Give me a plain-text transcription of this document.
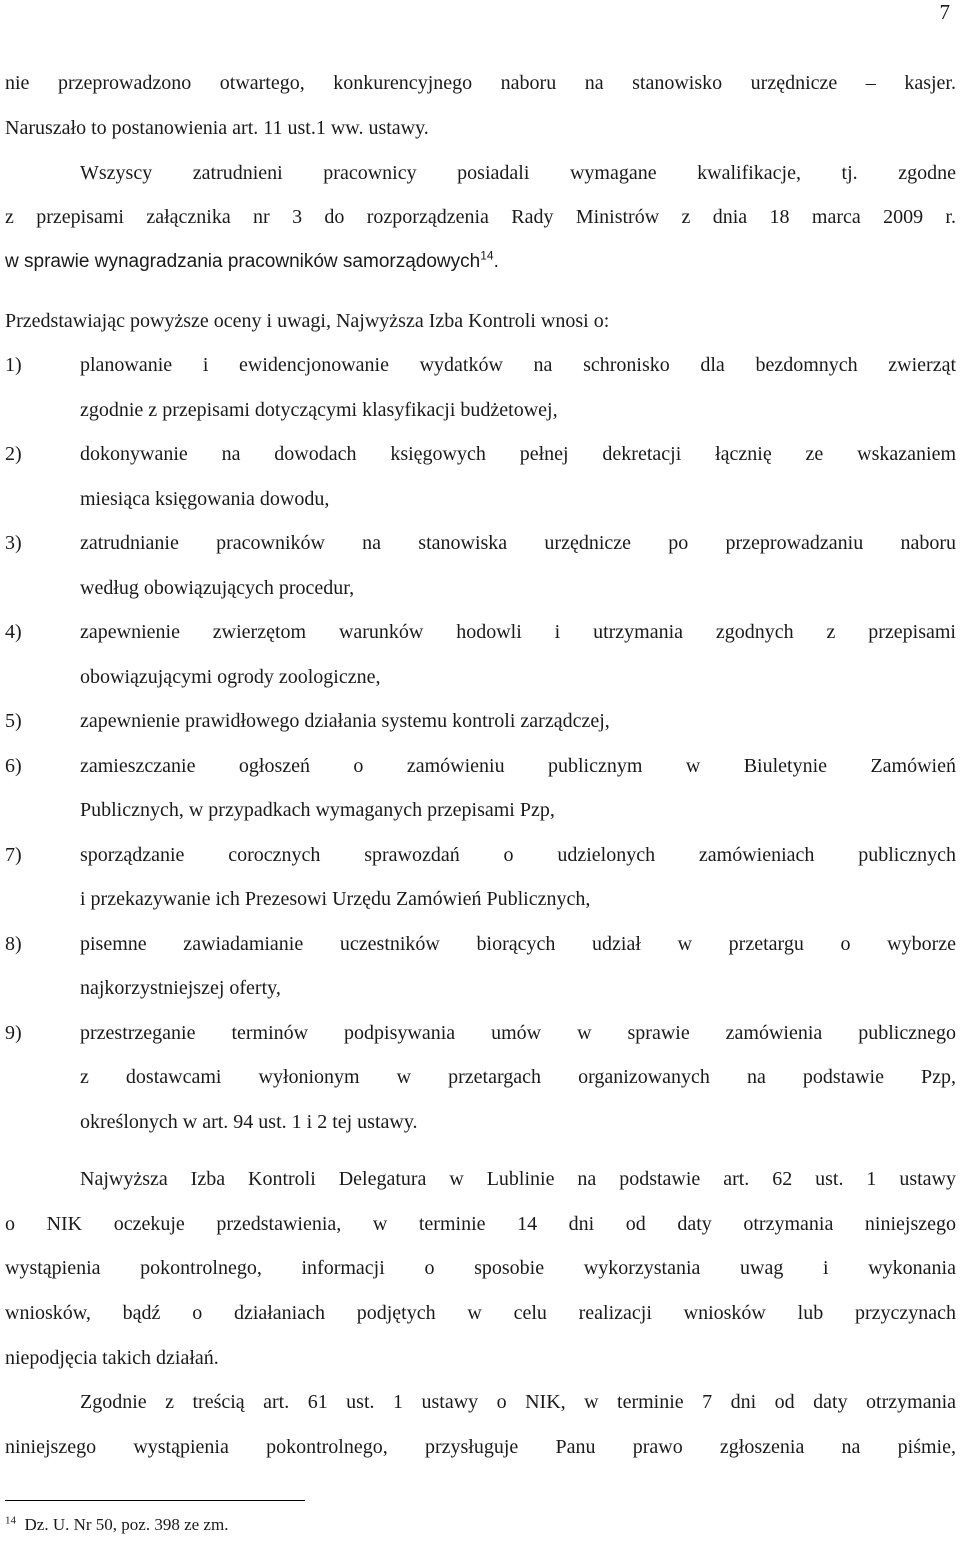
7
nie przeprowadzono otwartego, konkurencyjnego naboru na stanowisko urzędnicze – kasjer.
Naruszało to postanowienia art. 11 ust.1 ww. ustawy.
Wszyscy zatrudnieni pracownicy posiadali wymagane kwalifikacje, tj. zgodne
z przepisami załącznika nr 3 do rozporządzenia Rady Ministrów z dnia 18 marca 2009 r.
w sprawie wynagradzania pracowników samorządowych$^{14}$.
Przedstawiając powyższe oceny i uwagi, Najwyższa Izba Kontroli wnosi o:
1)	planowanie i ewidencjonowanie wydatków na schronisko dla bezdomnych zwierząt
zgodnie z przepisami dotyczącymi klasyfikacji budżetowej,
2)	dokonywanie na dowodach księgowych pełnej dekretacji łącznię ze wskazaniem
miesiąca księgowania dowodu,
3)	zatrudnianie pracowników na stanowiska urzędnicze po przeprowadzaniu naboru
według obowiązujących procedur,
4)	zapewnienie zwierzętom warunków hodowli i utrzymania zgodnych z przepisami
obowiązującymi ogrody zoologiczne,
5)	zapewnienie prawidłowego działania systemu kontroli zarządczej,
6)	zamieszczanie ogłoszeń o zamówieniu publicznym w Biuletynie Zamówień
Publicznych, w przypadkach wymaganych przepisami Pzp,
7)	sporządzanie corocznych sprawozdań o udzielonych zamówieniach publicznych
i przekazywanie ich Prezesowi Urzędu Zamówień Publicznych,
8)	pisemne zawiadamianie uczestników biorących udział w przetargu o wyborze
najkorzystniejszej oferty,
9)	przestrzeganie terminów podpisywania umów w sprawie zamówienia publicznego
z dostawcami wyłonionym w przetargach organizowanych na podstawie Pzp,
określonych w art. 94 ust. 1 i 2 tej ustawy.
Najwyższa Izba Kontroli Delegatura w Lublinie na podstawie art. 62 ust. 1 ustawy
o NIK oczekuje przedstawienia, w terminie 14 dni od daty otrzymania niniejszego
wystąpienia pokontrolnego, informacji o sposobie wykorzystania uwag i wykonania
wniosków, bądź o działaniach podjętych w celu realizacji wniosków lub przyczynach
niepodjęcia takich działań.
Zgodnie z treścią art. 61 ust. 1 ustawy o NIK, w terminie 7 dni od daty otrzymania
niniejszego wystąpienia pokontrolnego, przysługuje Panu prawo zgłoszenia na piśmie,
$^{14}$ Dz. U. Nr 50, poz. 398 ze zm.
